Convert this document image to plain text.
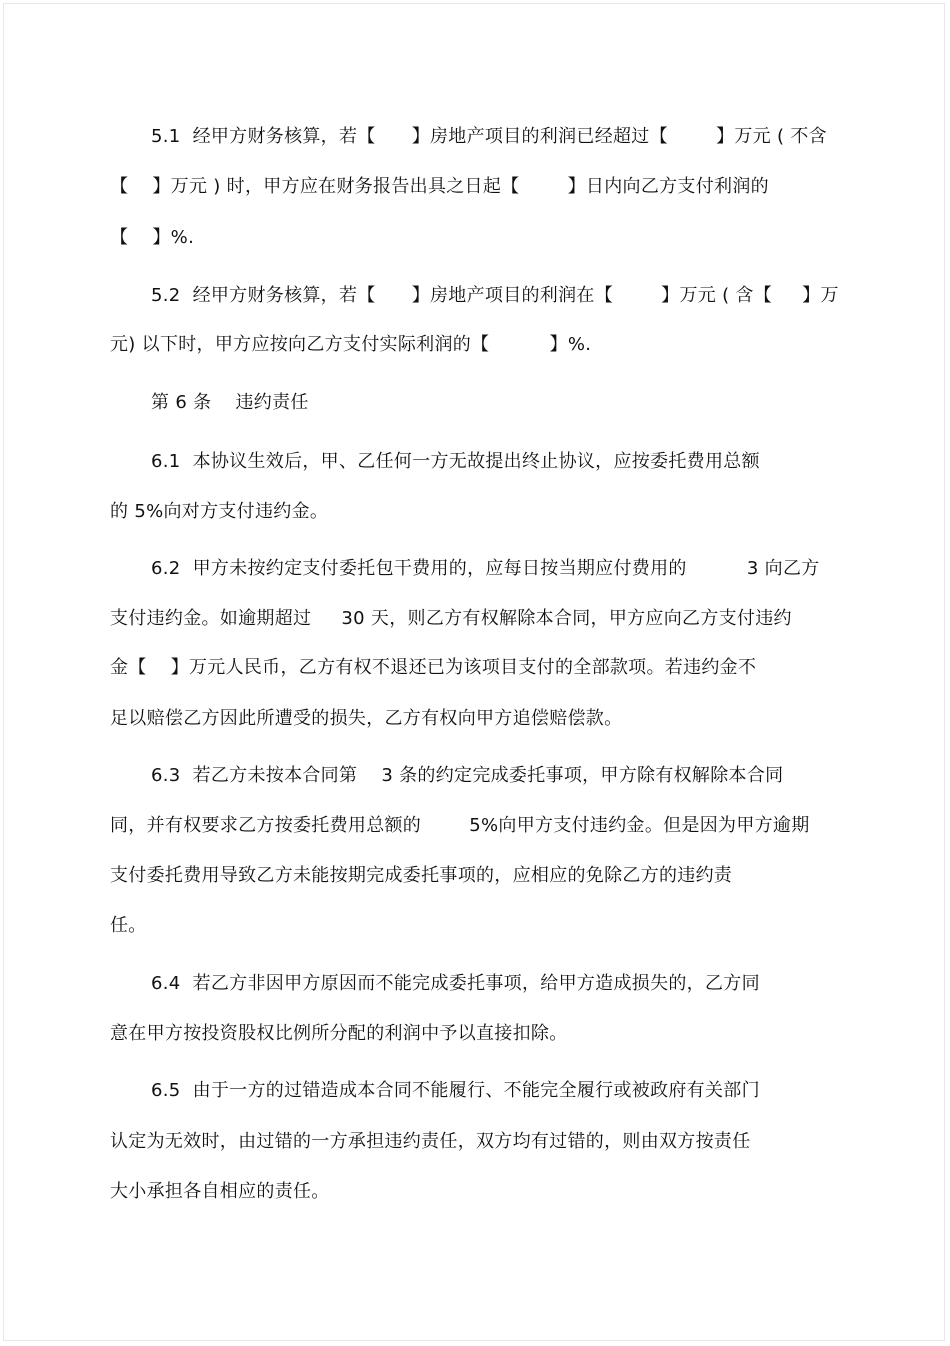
5.1  经甲方财务核算，若【      】房地产项目的利润已经超过【        】万元 ( 不含
【    】万元 ) 时，甲方应在财务报告出具之日起【        】日内向乙方支付利润的
【    】%.
5.2  经甲方财务核算，若【      】房地产项目的利润在【        】万元 ( 含【     】万
元) 以下时，甲方应按向乙方支付实际利润的【          】%.
第 6 条    违约责任
6.1  本协议生效后，甲、乙任何一方无故提出终止协议，应按委托费用总额
的 5%向对方支付违约金。
6.2  甲方未按约定支付委托包干费用的，应每日按当期应付费用的          3 向乙方
支付违约金。如逾期超过     30 天，则乙方有权解除本合同，甲方应向乙方支付违约
金【    】万元人民币，乙方有权不退还已为该项目支付的全部款项。若违约金不
足以赔偿乙方因此所遭受的损失，乙方有权向甲方追偿赔偿款。
6.3  若乙方未按本合同第    3 条的约定完成委托事项，甲方除有权解除本合同
同，并有权要求乙方按委托费用总额的        5%向甲方支付违约金。但是因为甲方逾期
支付委托费用导致乙方未能按期完成委托事项的，应相应的免除乙方的违约责
任。
6.4  若乙方非因甲方原因而不能完成委托事项，给甲方造成损失的，乙方同
意在甲方按投资股权比例所分配的利润中予以直接扣除。
6.5  由于一方的过错造成本合同不能履行、不能完全履行或被政府有关部门
认定为无效时，由过错的一方承担违约责任，双方均有过错的，则由双方按责任
大小承担各自相应的责任。
